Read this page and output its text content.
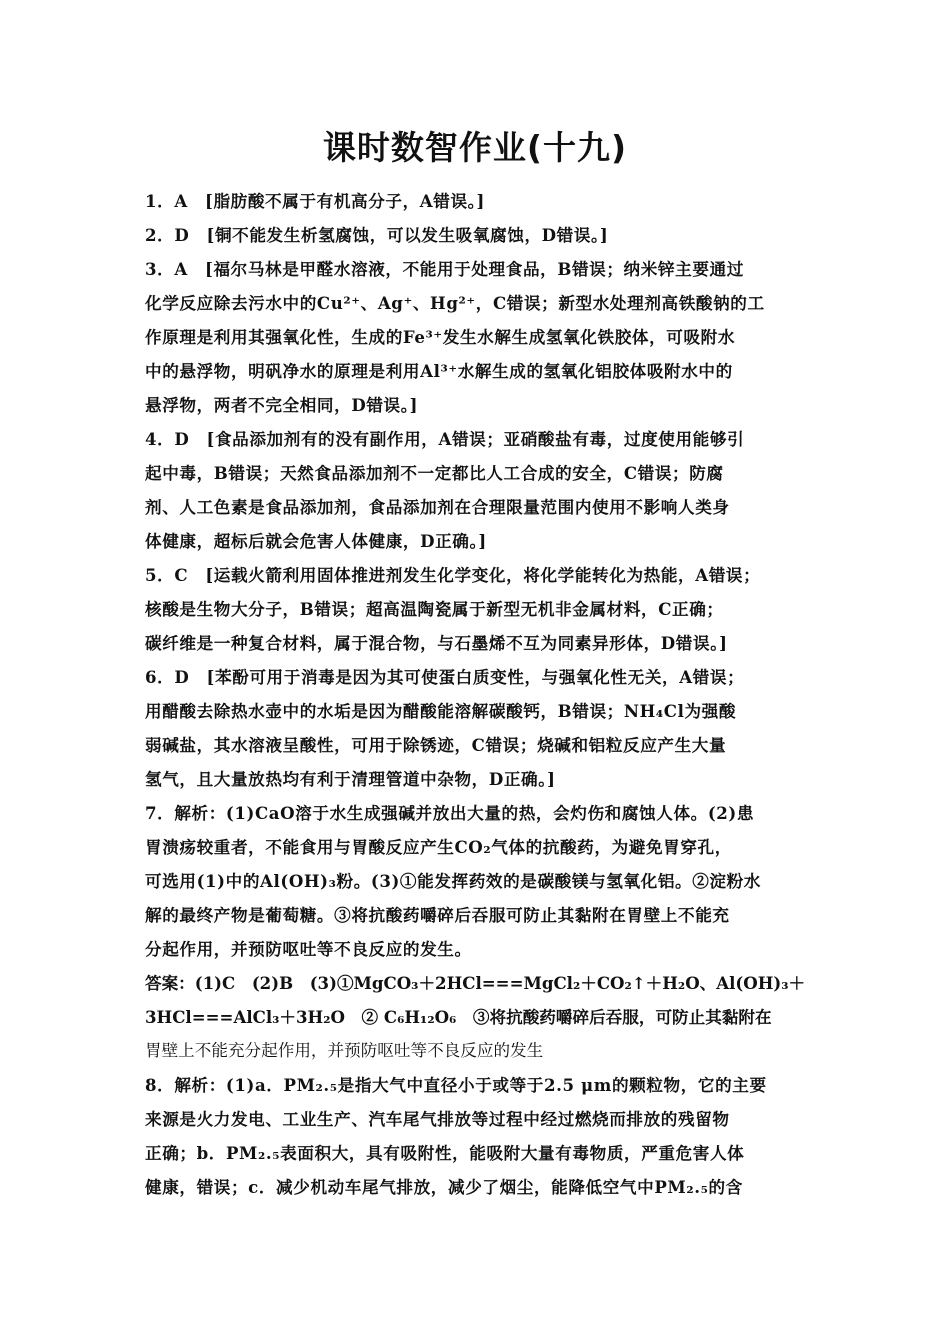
课时数智作业(十九)

1．A　[脂肪酸不属于有机高分子，A错误。]

2．D　[铜不能发生析氢腐蚀，可以发生吸氧腐蚀，D错误。]

3．A　[福尔马林是甲醛水溶液，不能用于处理食品，B错误；纳米锌主要通过
化学反应除去污水中的Cu²⁺、Ag⁺、Hg²⁺，C错误；新型水处理剂高铁酸钠的工
作原理是利用其强氧化性，生成的Fe³⁺发生水解生成氢氧化铁胶体，可吸附水
中的悬浮物，明矾净水的原理是利用Al³⁺水解生成的氢氧化铝胶体吸附水中的
悬浮物，两者不完全相同，D错误。]

4．D　[食品添加剂有的没有副作用，A错误；亚硝酸盐有毒，过度使用能够引
起中毒，B错误；天然食品添加剂不一定都比人工合成的安全，C错误；防腐
剂、人工色素是食品添加剂，食品添加剂在合理限量范围内使用不影响人类身
体健康，超标后就会危害人体健康，D正确。]

5．C　[运载火箭利用固体推进剂发生化学变化，将化学能转化为热能，A错误；
核酸是生物大分子，B错误；超高温陶瓷属于新型无机非金属材料，C正确；
碳纤维是一种复合材料，属于混合物，与石墨烯不互为同素异形体，D错误。]

6．D　[苯酚可用于消毒是因为其可使蛋白质变性，与强氧化性无关，A错误；
用醋酸去除热水壶中的水垢是因为醋酸能溶解碳酸钙，B错误；NH₄Cl为强酸
弱碱盐，其水溶液呈酸性，可用于除锈迹，C错误；烧碱和铝粒反应产生大量
氢气，且大量放热均有利于清理管道中杂物，D正确。]

7．解析：(1)CaO溶于水生成强碱并放出大量的热，会灼伤和腐蚀人体。(2)患
胃溃疡较重者，不能食用与胃酸反应产生CO₂气体的抗酸药，为避免胃穿孔，
可选用(1)中的Al(OH)₃粉。(3)①能发挥药效的是碳酸镁与氢氧化铝。②淀粉水
解的最终产物是葡萄糖。③将抗酸药嚼碎后吞服可防止其黏附在胃壁上不能充
分起作用，并预防呕吐等不良反应的发生。

答案：(1)C　(2)B　(3)①MgCO₃＋2HCl===MgCl₂＋CO₂↑＋H₂O、Al(OH)₃＋
3HCl===AlCl₃＋3H₂O　② C₆H₁₂O₆　③将抗酸药嚼碎后吞服，可防止其黏附在
胃壁上不能充分起作用，并预防呕吐等不良反应的发生

8．解析：(1)a．PM₂.₅是指大气中直径小于或等于2.5 μm的颗粒物，它的主要
来源是火力发电、工业生产、汽车尾气排放等过程中经过燃烧而排放的残留物
正确；b．PM₂.₅表面积大，具有吸附性，能吸附大量有毒物质，严重危害人体
健康，错误；c．减少机动车尾气排放，减少了烟尘，能降低空气中PM₂.₅的含
